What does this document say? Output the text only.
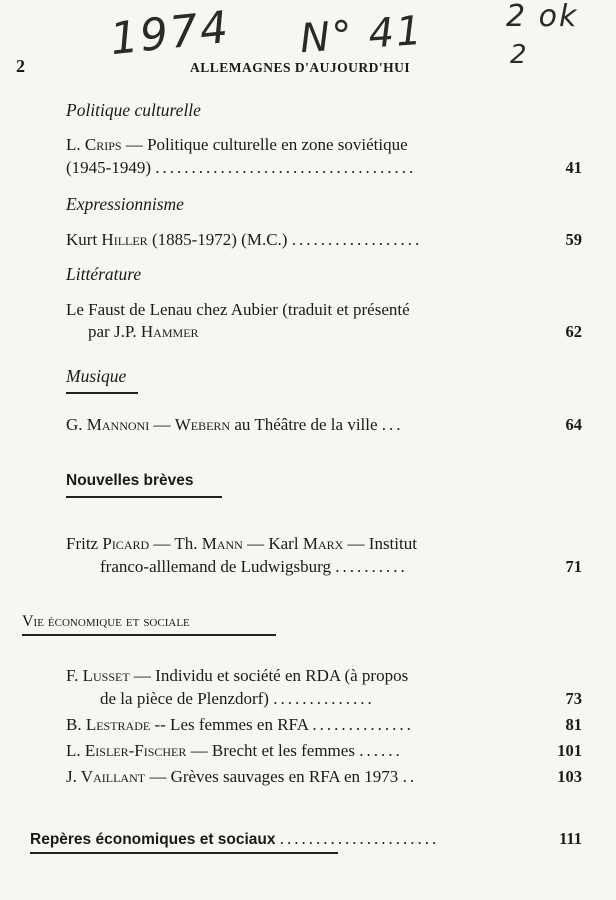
1974 N° 41	2 ok
2
2	ALLEMAGNES D'AUJOURD'HUI
Politique culturelle
L. Crips — Politique culturelle en zone soviétique
(1945-1949) ....................................	41
Expressionnisme
Kurt Hiller (1885-1972) (M.C.) ..................	59
Littérature
Le Faust de Lenau chez Aubier (traduit et présenté
par J.P. Hammer	62
Musique
G. Mannoni — Webern au Théâtre de la ville ...	64
Nouvelles brèves
Fritz Picard — Th. Mann — Karl Marx — Institut
franco-alllemand de Ludwigsburg ..........	71
Vie économique et sociale
F. Lusset — Individu et société en RDA (à propos
de la pièce de Plenzdorf) ..............	73
B. Lestrade -- Les femmes en RFA ..............	81
L. Eisler-Fischer — Brecht et les femmes ......	101
J. Vaillant — Grèves sauvages en RFA en 1973 ..	103
Repères économiques et sociaux ......................	111
